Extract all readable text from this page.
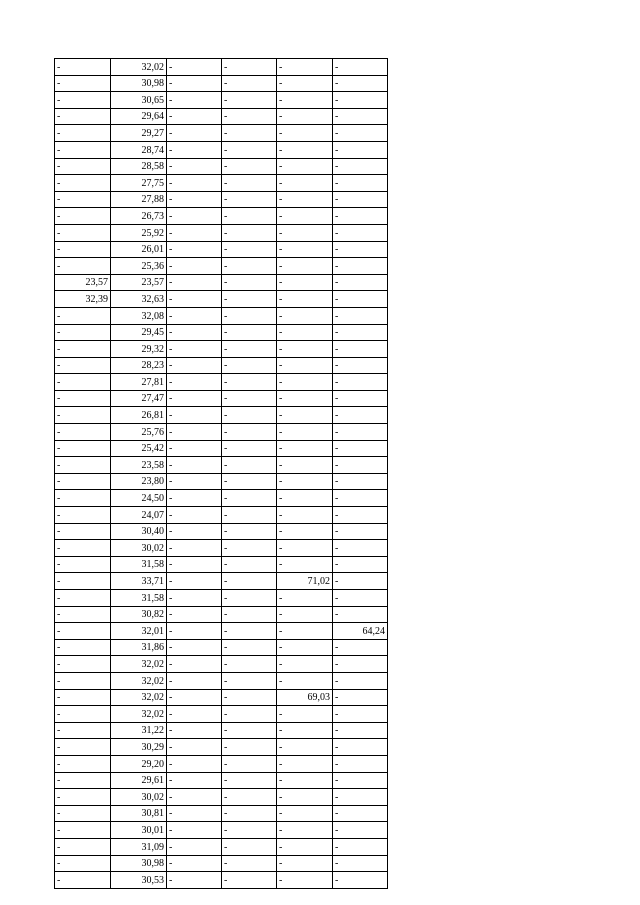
-	32,02	-	-	-	-
-	30,98	-	-	-	-
-	30,65	-	-	-	-
-	29,64	-	-	-	-
-	29,27	-	-	-	-
-	28,74	-	-	-	-
-	28,58	-	-	-	-
-	27,75	-	-	-	-
-	27,88	-	-	-	-
-	26,73	-	-	-	-
-	25,92	-	-	-	-
-	26,01	-	-	-	-
-	25,36	-	-	-	-
23,57	23,57	-	-	-	-
32,39	32,63	-	-	-	-
-	32,08	-	-	-	-
-	29,45	-	-	-	-
-	29,32	-	-	-	-
-	28,23	-	-	-	-
-	27,81	-	-	-	-
-	27,47	-	-	-	-
-	26,81	-	-	-	-
-	25,76	-	-	-	-
-	25,42	-	-	-	-
-	23,58	-	-	-	-
-	23,80	-	-	-	-
-	24,50	-	-	-	-
-	24,07	-	-	-	-
-	30,40	-	-	-	-
-	30,02	-	-	-	-
-	31,58	-	-	-	-
-	33,71	-	-	71,02	-
-	31,58	-	-	-	-
-	30,82	-	-	-	-
-	32,01	-	-	-	64,24
-	31,86	-	-	-	-
-	32,02	-	-	-	-
-	32,02	-	-	-	-
-	32,02	-	-	69,03	-
-	32,02	-	-	-	-
-	31,22	-	-	-	-
-	30,29	-	-	-	-
-	29,20	-	-	-	-
-	29,61	-	-	-	-
-	30,02	-	-	-	-
-	30,81	-	-	-	-
-	30,01	-	-	-	-
-	31,09	-	-	-	-
-	30,98	-	-	-	-
-	30,53	-	-	-	-
